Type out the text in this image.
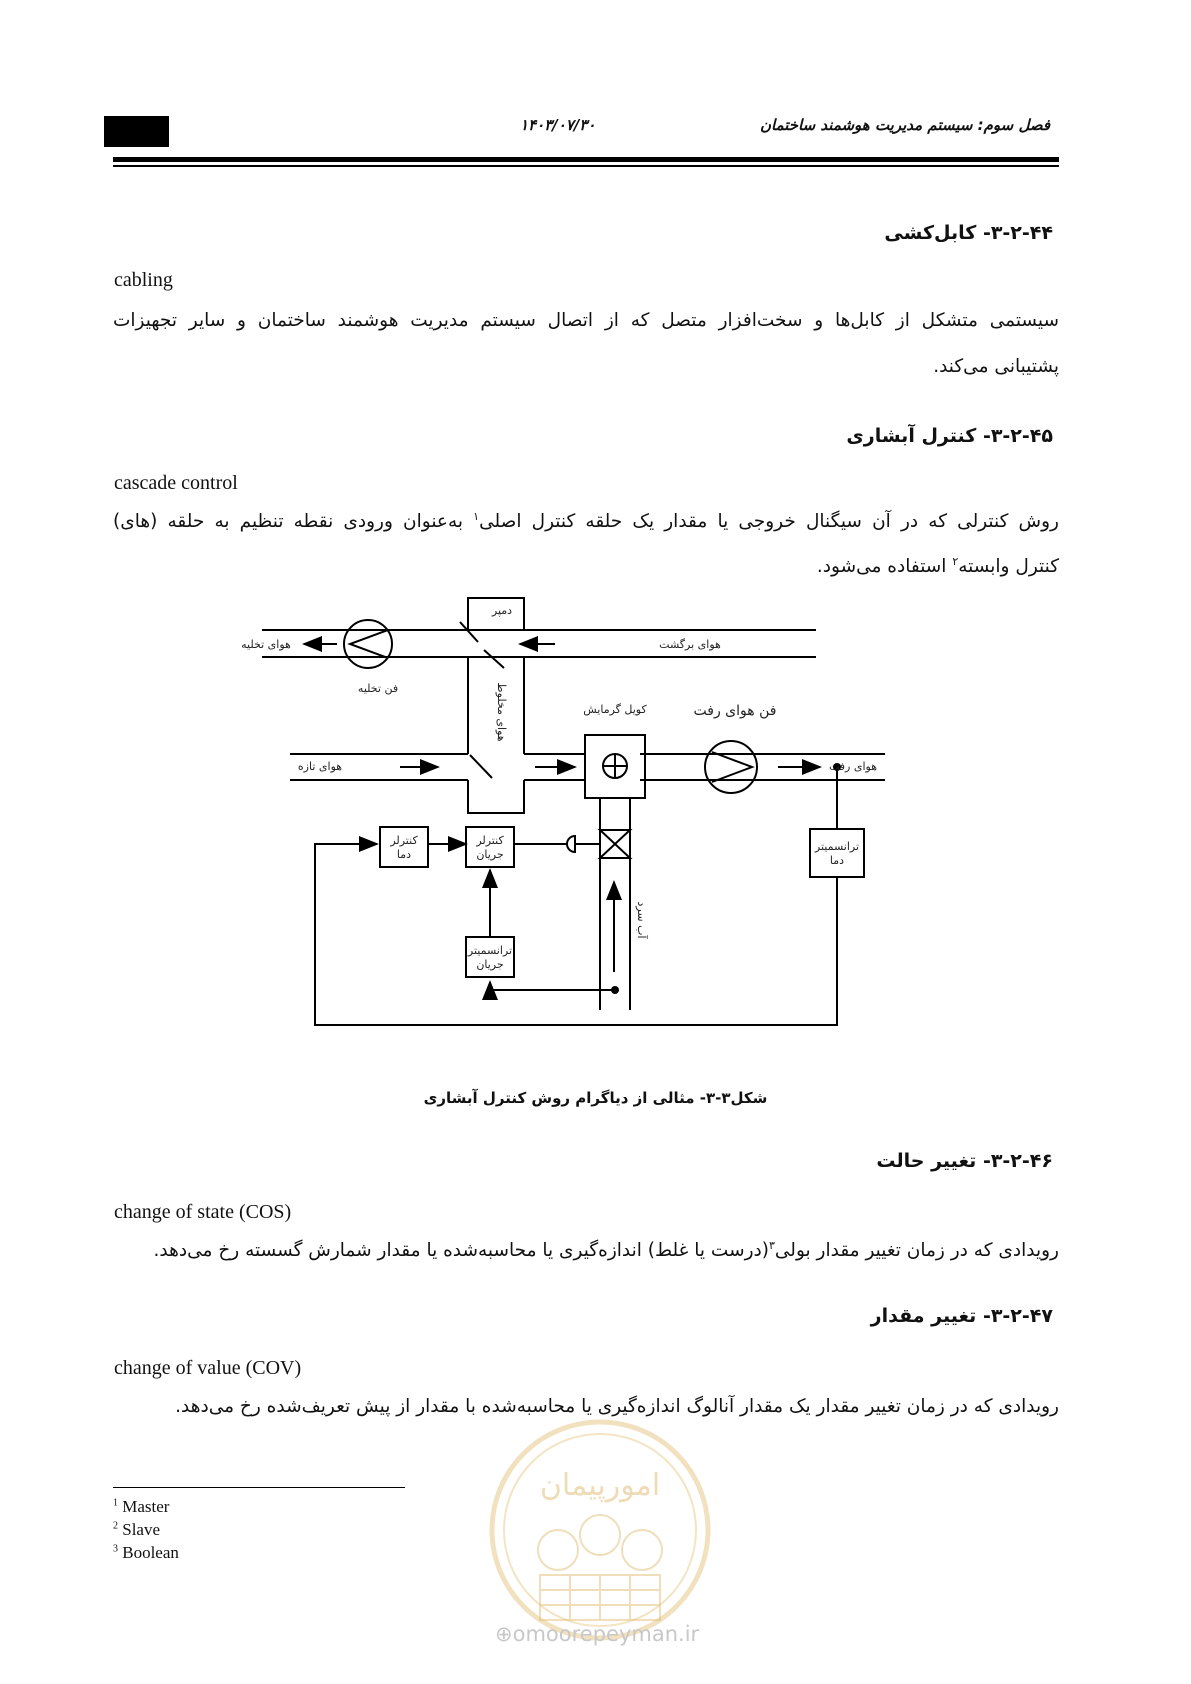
۱۴۰۳/۰۷/۳۰	فصل سوم: سیستم مدیریت هوشمند ساختمان
۳-۲-۴۴- کابل‌کشی
cabling
سیستمی متشکل از کابل‌ها و سخت‌افزار متصل که از اتصال سیستم مدیریت هوشمند ساختمان و سایر تجهیزات
پشتیبانی می‌کند.
۳-۲-۴۵- کنترل آبشاری
cascade control
روش کنترلی که در آن سیگنال خروجی یا مقدار یک حلقه کنترل اصلی$^۱$ به‌عنوان ورودی نقطه تنظیم به حلقه (های)
کنترل وابسته$^۲$ استفاده می‌شود.
هوای تخلیه	هوای برگشت
دمپر
فن تخلیه	هوای مخلوط	کویل گرمایش	فن هوای رفت
هوای تازه	هوای رفت
کنترلر
دما
کنترلر
جریان
ترانسمیتر
دما
ترانسمیتر
جریان
آب سرد
شکل۳-۳- مثالی از دیاگرام روش کنترل آبشاری
۳-۲-۴۶- تغییر حالت
change of state (COS)
رویدادی که در زمان تغییر مقدار بولی$^۳$(درست یا غلط) اندازه‌گیری یا محاسبه‌شده یا مقدار شمارش گسسته رخ می‌دهد.
۳-۲-۴۷- تغییر مقدار
change of value (COV)
رویدادی که در زمان تغییر مقدار یک مقدار آنالوگ اندازه‌گیری یا محاسبه‌شده با مقدار از پیش تعریف‌شده رخ می‌دهد.
امورپیمان
⊕omoorepeyman.ir
$^1$ Master
$^2$ Slave
$^3$ Boolean
